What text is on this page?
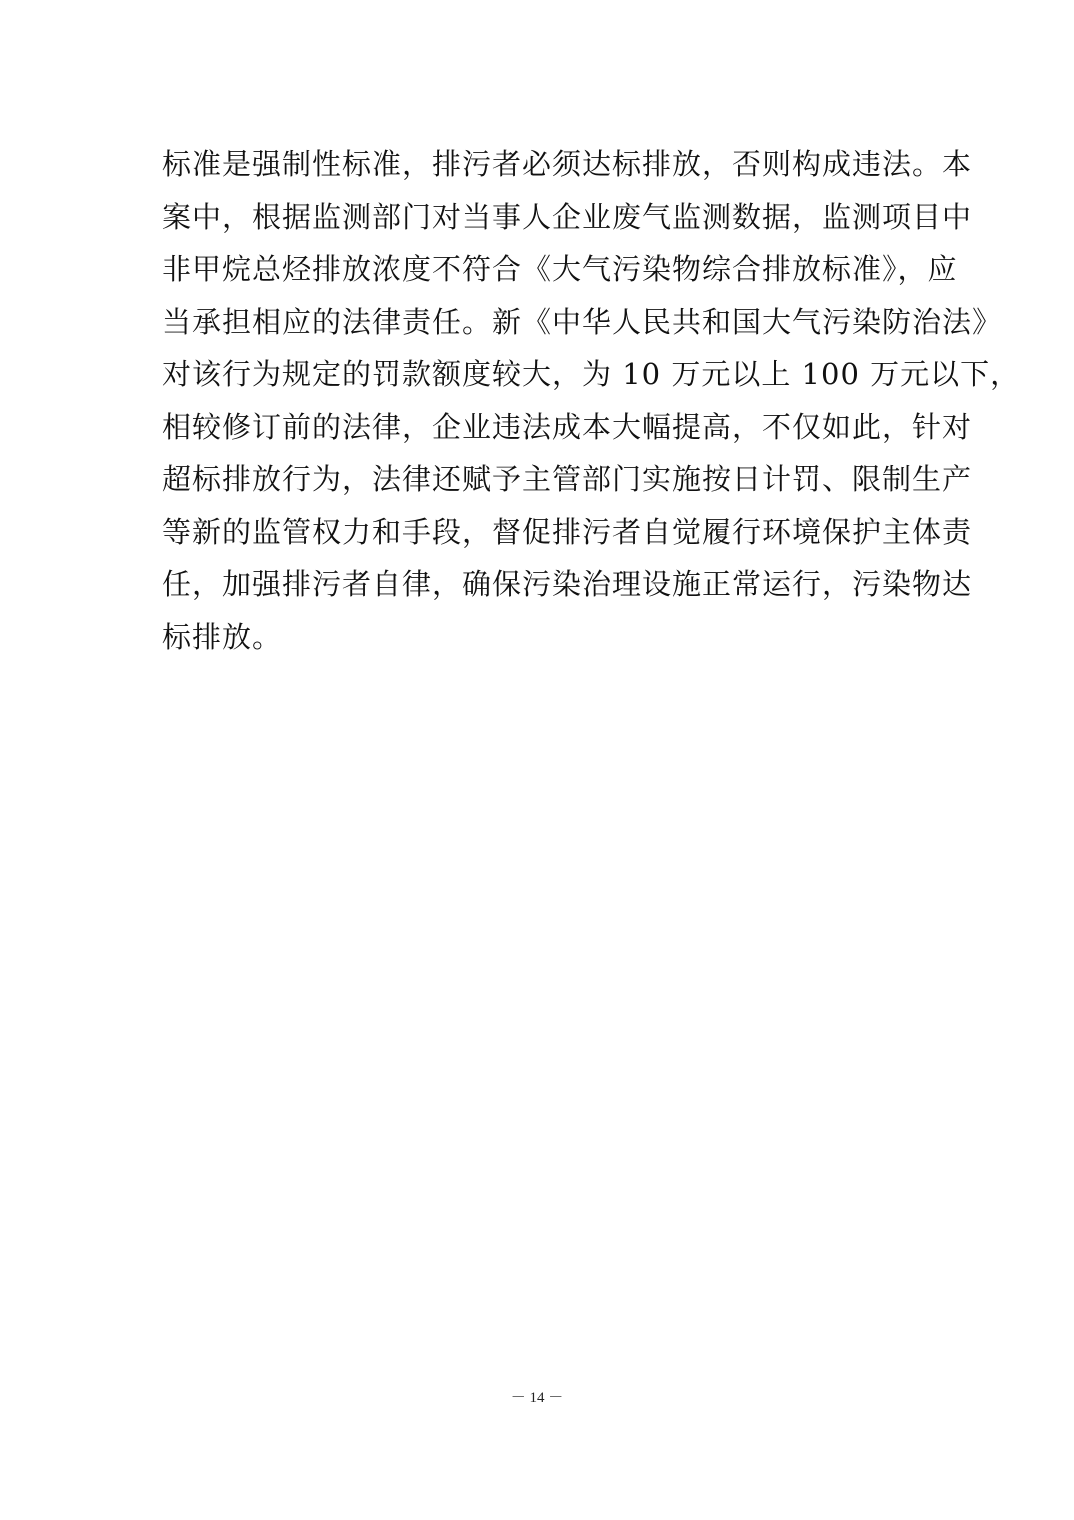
标准是强制性标准，排污者必须达标排放，否则构成违法。本
案中，根据监测部门对当事人企业废气监测数据，监测项目中
非甲烷总烃排放浓度不符合《大气污染物综合排放标准》，应
当承担相应的法律责任。新《中华人民共和国大气污染防治法》
对该行为规定的罚款额度较大，为 10 万元以上 100 万元以下，
相较修订前的法律，企业违法成本大幅提高，不仅如此，针对
超标排放行为，法律还赋予主管部门实施按日计罚、限制生产
等新的监管权力和手段，督促排污者自觉履行环境保护主体责
任，加强排污者自律，确保污染治理设施正常运行，污染物达
标排放。
－ 14 －
